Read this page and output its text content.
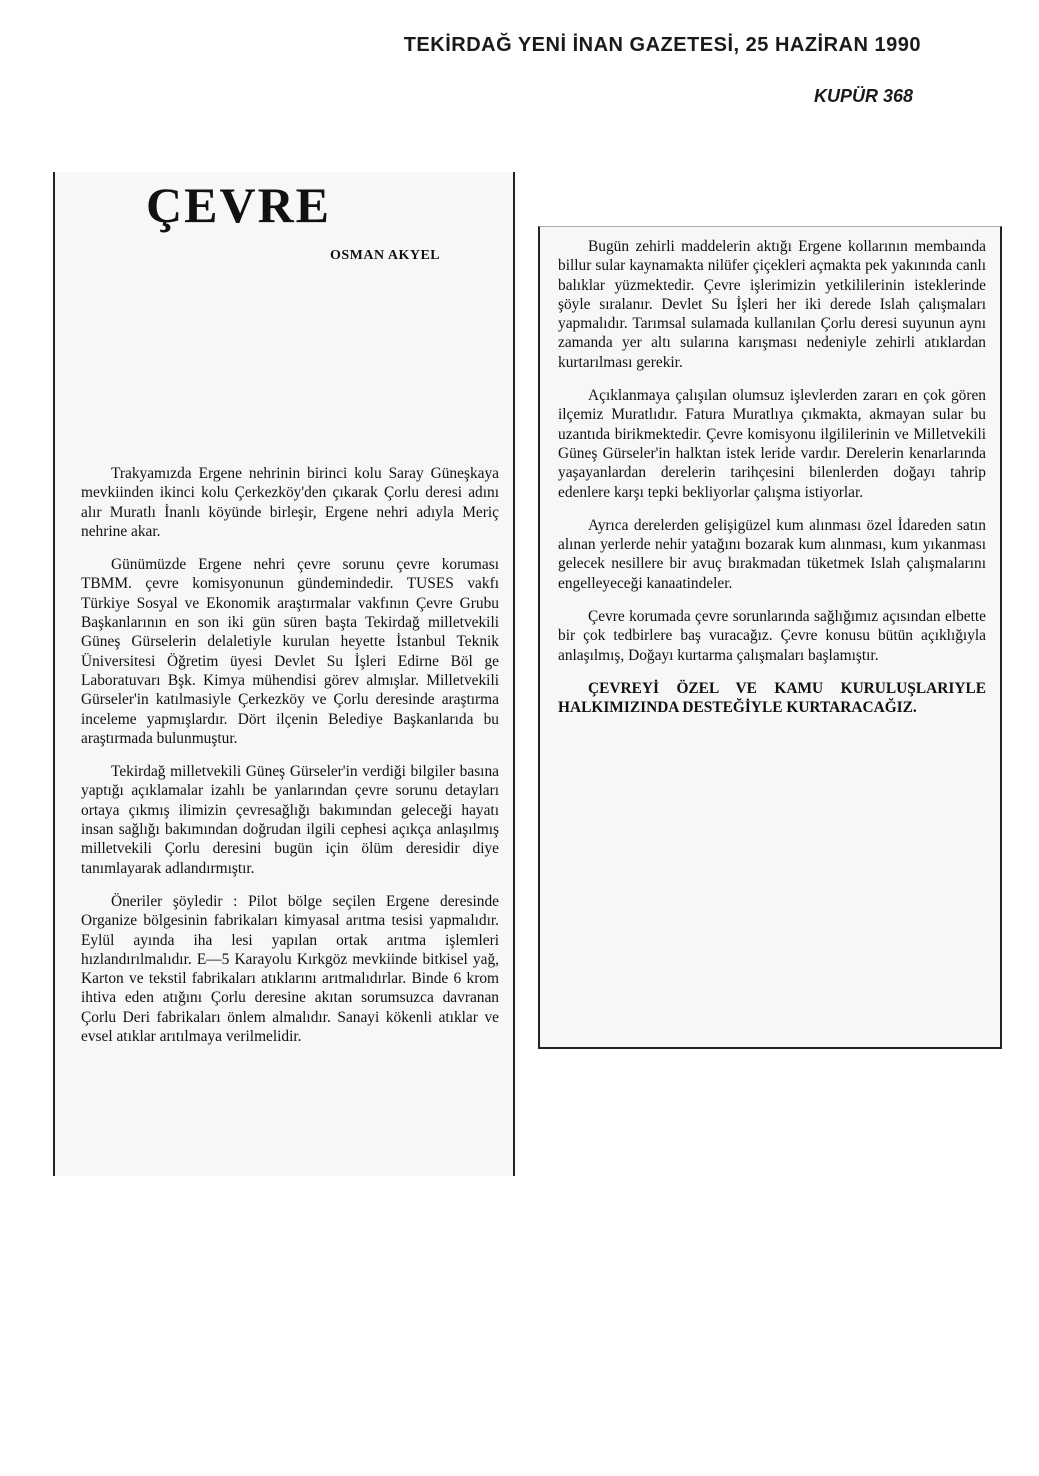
TEKİRDAĞ YENİ İNAN GAZETESİ, 25 HAZİRAN 1990
KUPÜR 368

Trakyamızda Ergene nehrinin birinci kolu Saray Güneşkaya mevkiinden ikinci kolu Çerkezköy'den çıkarak Çorlu deresi adını alır Muratlı İnanlı köyünde birleşir, Ergene nehri adıyla Meriç nehrine akar.

Günümüzde Ergene nehri çevre sorunu çevre koruması TBMM. çevre komisyonunun gündemindedir. TUSES vakfı Türkiye Sosyal ve Ekonomik araştırmalar vakfının Çevre Grubu Başkanlarının en son iki gün süren başta Tekirdağ milletvekili Güneş Gürselerin delaletiyle kurulan heyette İstanbul Teknik Üniversitesi Öğretim üyesi Devlet Su İşleri Edirne Böl ge Laboratuvarı Bşk. Kimya mühendisi görev almışlar. Milletvekili Gürseler'in katılmasiyle Çerkezköy ve Çorlu deresinde araştırma inceleme yapmışlardır. Dört ilçenin Belediye Başkanlarıda bu araştırmada bulunmuştur.

Tekirdağ milletvekili Güneş Gürseler'in verdiği bilgiler basına yaptığı açıklamalar izahlı be yanlarından çevre sorunu detayları ortaya çıkmış ilimizin çevresağlığı bakımından geleceği hayatı insan sağlığı bakımından doğrudan ilgili cephesi açıkça anlaşılmış milletvekili Çorlu deresini bugün için ölüm deresidir diye tanımlayarak adlandırmıştır.

Öneriler şöyledir : Pilot bölge seçilen Ergene deresinde Organize bölgesinin fabrikaları kimyasal arıtma tesisi yapmalıdır. Eylül ayında iha lesi yapılan ortak arıtma işlemleri hızlandırılmalıdır. E—5 Karayolu Kırkgöz mevkiinde bitkisel yağ, Karton ve tekstil fabrikaları atıklarını arıtmalıdırlar. Binde 6 krom ihtiva eden atığını Çorlu deresine akıtan sorumsuzca davranan Çorlu Deri fabrikaları önlem almalıdır. Sanayi kökenli atıklar ve evsel atıklar arıtılmaya verilmelidir.

ÇEVRE
OSMAN AKYEL

Bugün zehirli maddelerin aktığı Ergene kollarının membaında billur sular kaynamakta nilüfer çiçekleri açmakta pek yakınında canlı balıklar yüzmektedir. Çevre işlerimizin yetkililerinin isteklerinde şöyle sıralanır. Devlet Su İşleri her iki derede Islah çalışmaları yapmalıdır. Tarımsal sulamada kullanılan Çorlu deresi suyunun aynı zamanda yer altı sularına karışması nedeniyle zehirli atıklardan kurtarılması gerekir.

Açıklanmaya çalışılan olumsuz işlevlerden zararı en çok gören ilçemiz Muratlıdır. Fatura Muratlıya çıkmakta, akmayan sular bu uzantıda birikmektedir. Çevre komisyonu ilgililerinin ve Milletvekili Güneş Gürseler'in halktan istek leride vardır. Derelerin kenarlarında yaşayanlardan derelerin tarihçesini bilenlerden doğayı tahrip edenlere karşı tepki bekliyorlar çalışma istiyorlar.

Ayrıca derelerden gelişigüzel kum alınması özel İdareden satın alınan yerlerde nehir yatağını bozarak kum alınması, kum yıkanması gelecek nesillere bir avuç bırakmadan tüketmek Islah çalışmalarını engelleyeceği kanaatindeler.

Çevre korumada çevre sorunlarında sağlığımız açısından elbette bir çok tedbirlere baş vuracağız. Çevre konusu bütün açıklığıyla anlaşılmış, Doğayı kurtarma çalışmaları başlamıştır.

ÇEVREYİ ÖZEL VE KAMU KURULUŞLARIYLE HALKIMIZINDA DESTEĞİYLE KURTARACAĞIZ.
